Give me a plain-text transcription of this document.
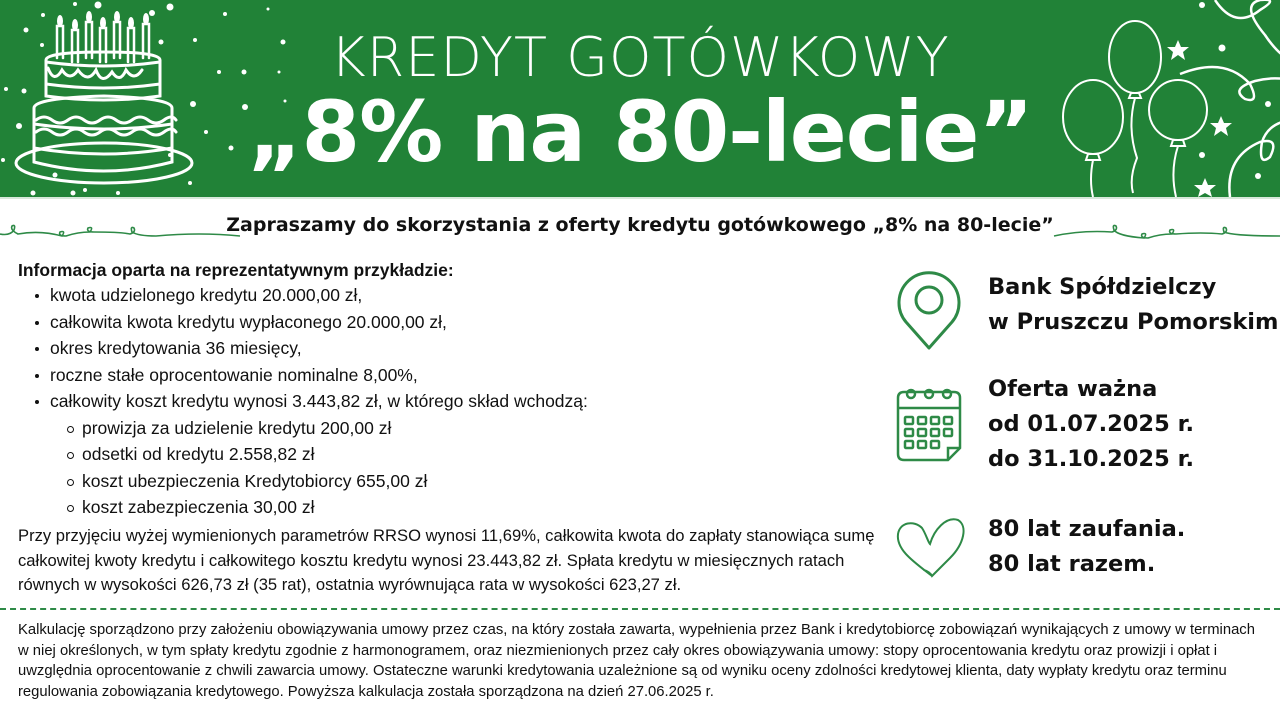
KREDYT GOTÓWKOWY
„8% na 80-lecie”
Zapraszamy do skorzystania z oferty kredytu gotówkowego „8% na 80-lecie”
Informacja oparta na reprezentatywnym przykładzie:
kwota udzielonego kredytu 20.000,00 zł,
całkowita kwota kredytu wypłaconego 20.000,00 zł,
okres kredytowania 36 miesięcy,
roczne stałe oprocentowanie nominalne 8,00%,
całkowity koszt kredytu wynosi 3.443,82 zł, w którego skład wchodzą:
prowizja za udzielenie kredytu 200,00 zł
odsetki od kredytu 2.558,82 zł
koszt ubezpieczenia Kredytobiorcy 655,00 zł
koszt zabezpieczenia 30,00 zł
Przy przyjęciu wyżej wymienionych parametrów RRSO wynosi 11,69%, całkowita kwota do zapłaty stanowiąca sumę całkowitej kwoty kredytu i całkowitego kosztu kredytu wynosi 23.443,82 zł. Spłata kredytu w miesięcznych ratach równych w wysokości 626,73 zł (35 rat), ostatnia wyrównująca rata w wysokości 623,27 zł.
Bank Spółdzielczy
w Pruszczu Pomorskim
Oferta ważna
od 01.07.2025 r.
do 31.10.2025 r.
80 lat zaufania.
80 lat razem.
Kalkulację sporządzono przy założeniu obowiązywania umowy przez czas, na który została zawarta, wypełnienia przez Bank i kredytobiorcę zobowiązań wynikających z umowy w terminach w niej określonych, w tym spłaty kredytu zgodnie z harmonogramem, oraz niezmienionych przez cały okres obowiązywania umowy: stopy oprocentowania kredytu oraz prowizji i opłat i uwzględnia oprocentowanie z chwili zawarcia umowy. Ostateczne warunki kredytowania uzależnione są od wyniku oceny zdolności kredytowej klienta, daty wypłaty kredytu oraz terminu regulowania zobowiązania kredytowego. Powyższa kalkulacja została sporządzona na dzień 27.06.2025 r.
